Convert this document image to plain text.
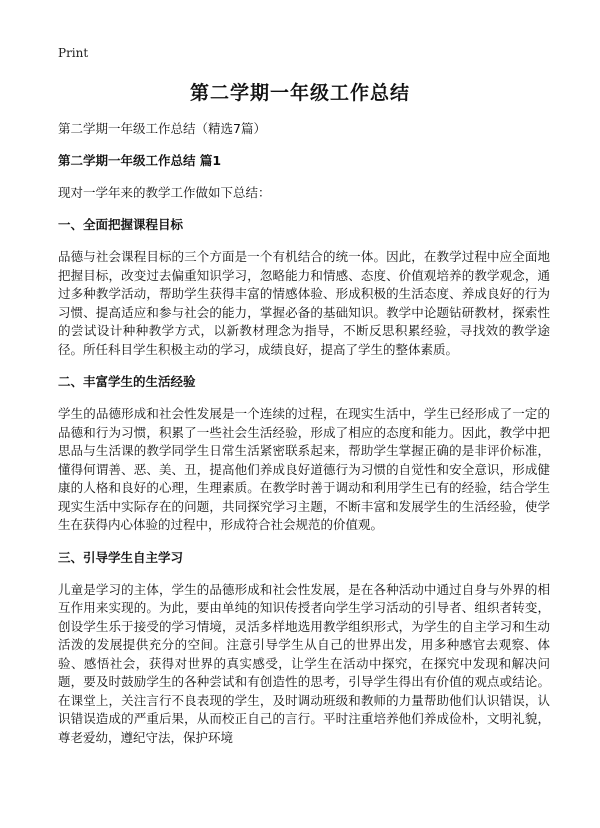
Print
第二学期一年级工作总结

第二学期一年级工作总结（精选7篇）

第二学期一年级工作总结 篇1

现对一学年来的教学工作做如下总结：

一、全面把握课程目标

品德与社会课程目标的三个方面是一个有机结合的统一体。因此，在教学过程中应全面地把握目标，改变过去偏重知识学习，忽略能力和情感、态度、价值观培养的教学观念，通过多种教学活动，帮助学生获得丰富的情感体验、形成积极的生活态度、养成良好的行为习惯、提高适应和参与社会的能力，掌握必备的基础知识。教学中论题钻研教材，探索性的尝试设计种种教学方式，以新教材理念为指导，不断反思积累经验，寻找效的教学途径。所任科目学生积极主动的学习，成绩良好，提高了学生的整体素质。

二、丰富学生的生活经验

学生的品德形成和社会性发展是一个连续的过程，在现实生活中，学生已经形成了一定的品德和行为习惯，积累了一些社会生活经验，形成了相应的态度和能力。因此，教学中把思品与生活课的教学同学生日常生活紧密联系起来，帮助学生掌握正确的是非评价标准，懂得何谓善、恶、美、丑，提高他们养成良好道德行为习惯的自觉性和安全意识，形成健康的人格和良好的心理，生理素质。在教学时善于调动和利用学生已有的经验，结合学生现实生活中实际存在的问题，共同探究学习主题，不断丰富和发展学生的生活经验，使学生在获得内心体验的过程中，形成符合社会规范的价值观。

三、引导学生自主学习

儿童是学习的主体，学生的品德形成和社会性发展，是在各种活动中通过自身与外界的相互作用来实现的。为此，要由单纯的知识传授者向学生学习活动的引导者、组织者转变，创设学生乐于接受的学习情境，灵活多样地选用教学组织形式，为学生的自主学习和生动活泼的发展提供充分的空间。注意引导学生从自己的世界出发，用多种感官去观察、体验、感悟社会，获得对世界的真实感受，让学生在活动中探究，在探究中发现和解决问题，要及时鼓励学生的各种尝试和有创造性的思考，引导学生得出有价值的观点或结论。在课堂上，关注言行不良表现的学生，及时调动班级和教师的力量帮助他们认识错误，认识错误造成的严重后果，从而校正自己的言行。平时注重培养他们养成俭朴，文明礼貌，尊老爱幼，遵纪守法，保护环境
